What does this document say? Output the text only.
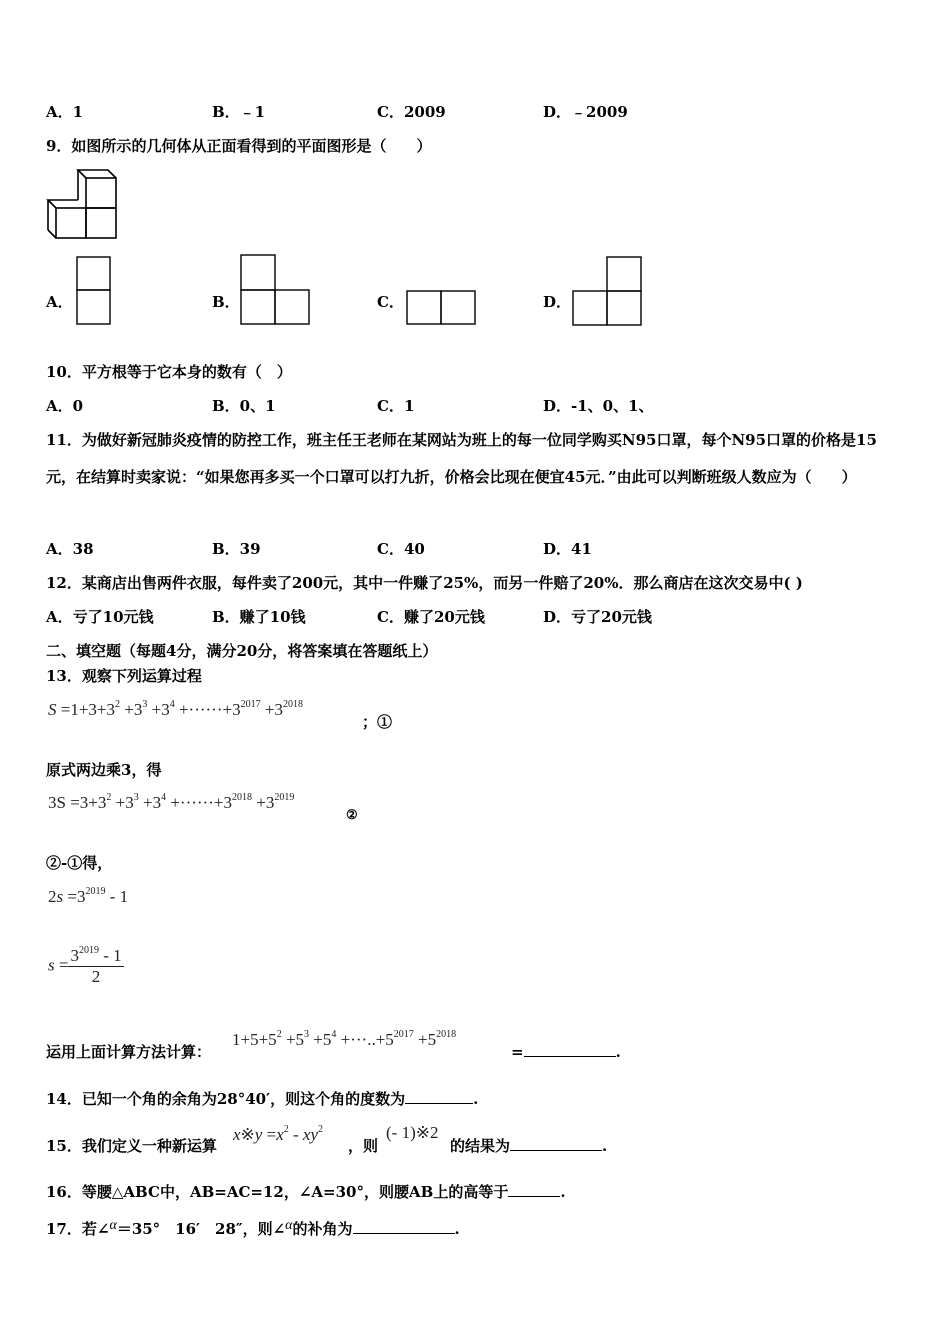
A．1	B．﹣1	C．2009	D．﹣2009
9．如图所示的几何体从正面看得到的平面图形是（　　）
A．	B．	C．	D．
10．平方根等于它本身的数有（　）
A．0	B．0、1	C．1	D．-1、0、1、
11．为做好新冠肺炎疫情的防控工作，班主任王老师在某网站为班上的每一位同学购买N95口罩，每个N95口罩的价格是15元，在结算时卖家说：“如果您再多买一个口罩可以打九折，价格会比现在便宜45元．”由此可以判断班级人数应为（　　）
A．38	B．39	C．40	D．41
12．某商店出售两件衣服，每件卖了200元，其中一件赚了25%，而另一件赔了20%．那么商店在这次交易中( )
A．亏了10元钱	B．赚了10钱	C．赚了20元钱	D．亏了20元钱
二、填空题（每题4分，满分20分，将答案填在答题纸上）
13．观察下列运算过程
$S =1+3+3^2 +3^3 +3^4 +\cdot\cdot\cdot\cdot\cdot\cdot+3^{2017} +3^{2018}$
；①
原式两边乘3，得
$3S =3+3^2 +3^3 +3^4 +\cdot\cdot\cdot\cdot\cdot\cdot+3^{2018} +3^{2019}$
②
②-①得，
$2s =3^{2019} - 1$
$s = \frac{3^{2019} - 1}{2}$
运用上面计算方法计算：
$1+5+5^2 +5^3 +5^4 +\cdot\cdot\cdot..+5^{2017} +5^{2018}$
=	.
14．已知一个角的余角为28°40′，则这个角的度数为	.
15．我们定义一种新运算
x※y $=x^2 - xy^2$
，则
(- 1)※2
的结果为	.
16．等腰△ABC中，AB=AC=12，∠A=30°，则腰AB上的高等于	.
17．若∠α＝35°　16′　28″，则∠α的补角为	.
